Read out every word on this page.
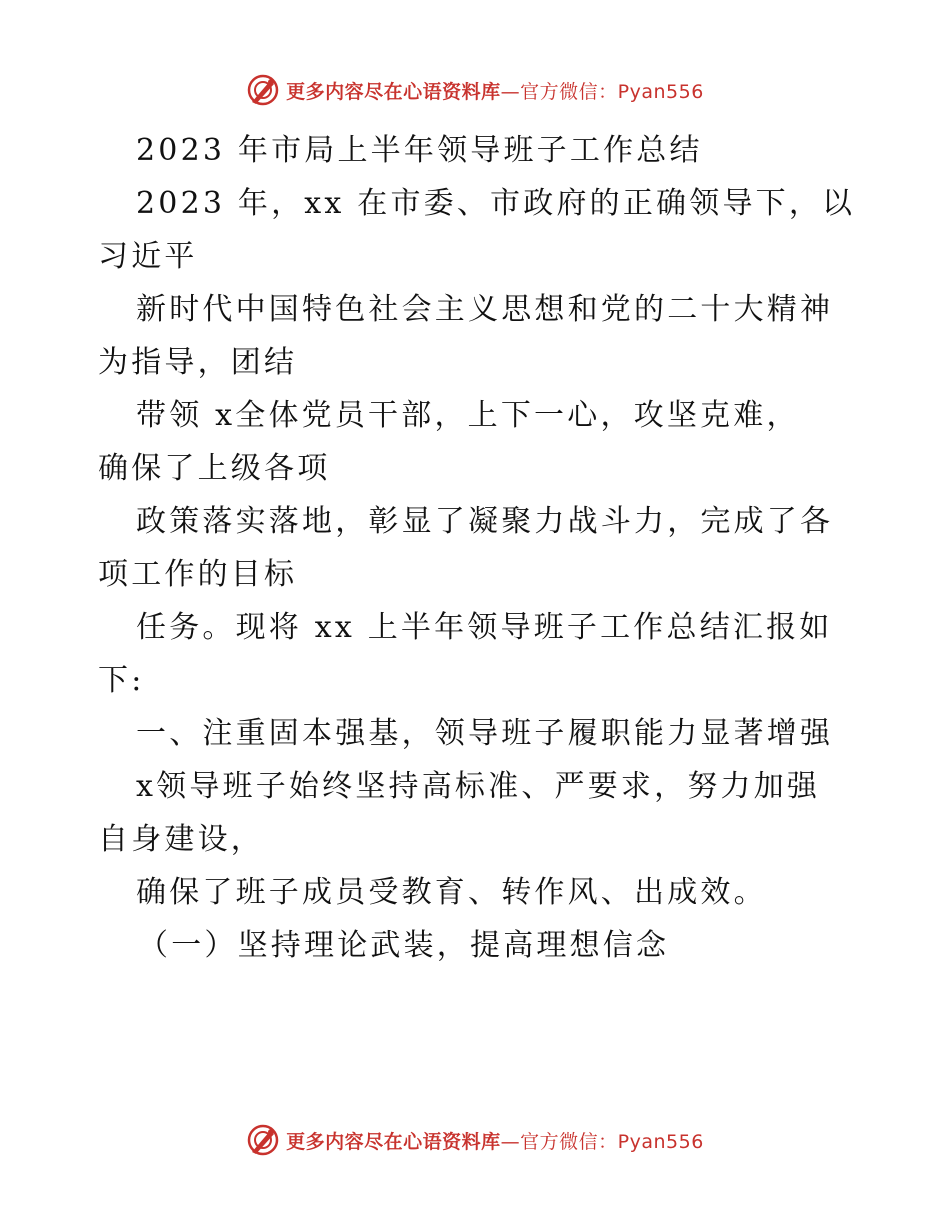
更多内容尽在心语资料库—官方微信：Pyan556
2023 年市局上半年领导班子工作总结
2023 年，xx 在市委、市政府的正确领导下，以
习近平
新时代中国特色社会主义思想和党的二十大精神
为指导，团结
带领 x全体党员干部，上下一心，攻坚克难，
确保了上级各项
政策落实落地，彰显了凝聚力战斗力，完成了各
项工作的目标
任务。现将 xx 上半年领导班子工作总结汇报如
下:
一、注重固本强基，领导班子履职能力显著增强
x领导班子始终坚持高标准、严要求，努力加强
自身建设，
确保了班子成员受教育、转作风、出成效。
（一）坚持理论武装，提高理想信念
更多内容尽在心语资料库—官方微信：Pyan556
